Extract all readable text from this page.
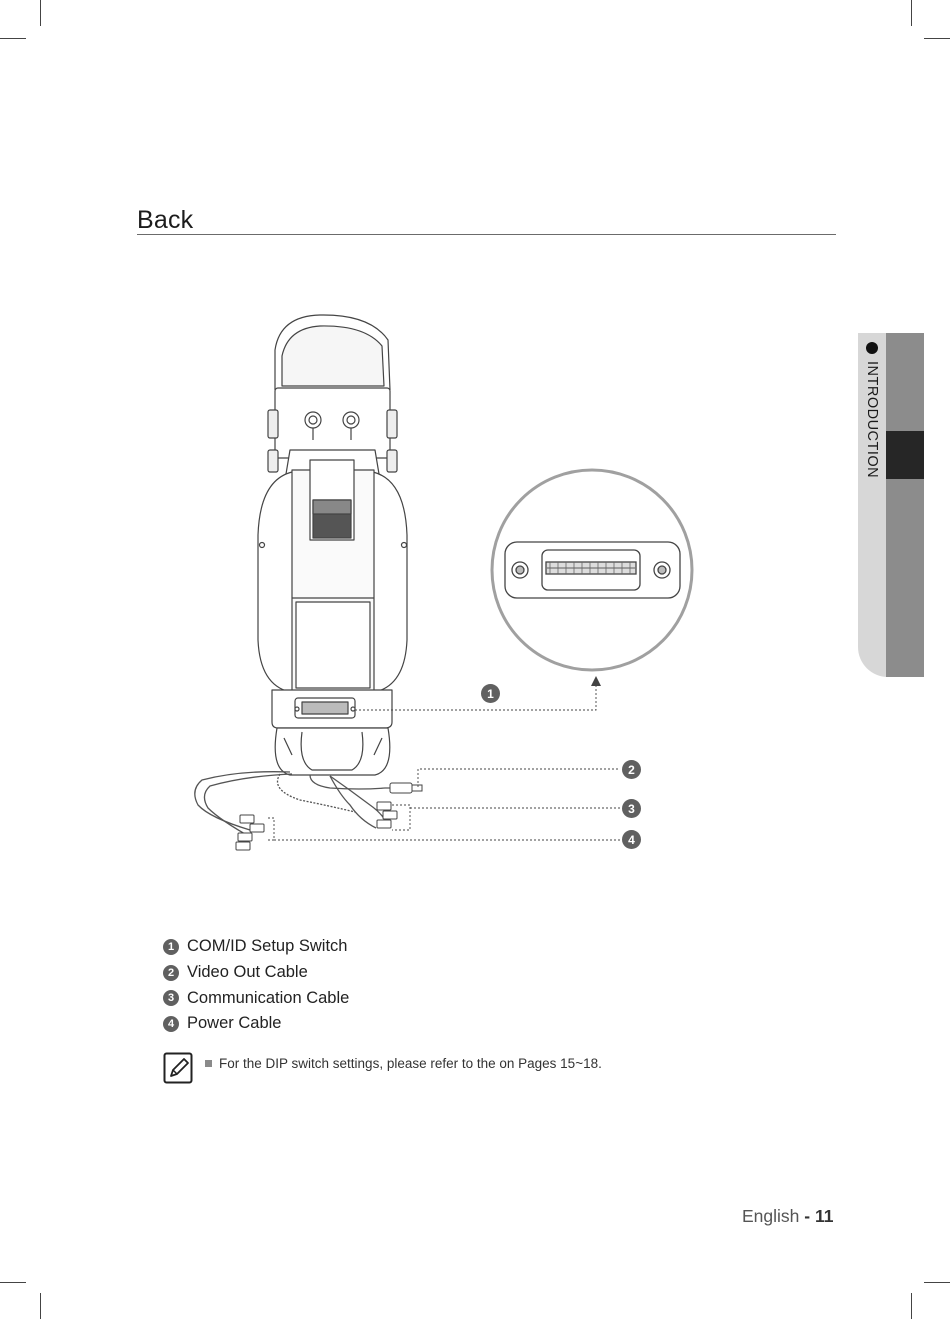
Back
INTRODUCTION
1
2
3
4
1 COM/ID Setup Switch
2 Video Out Cable
3 Communication Cable
4 Power Cable
For the DIP switch settings, please refer to the on Pages 15~18.
English - 11
